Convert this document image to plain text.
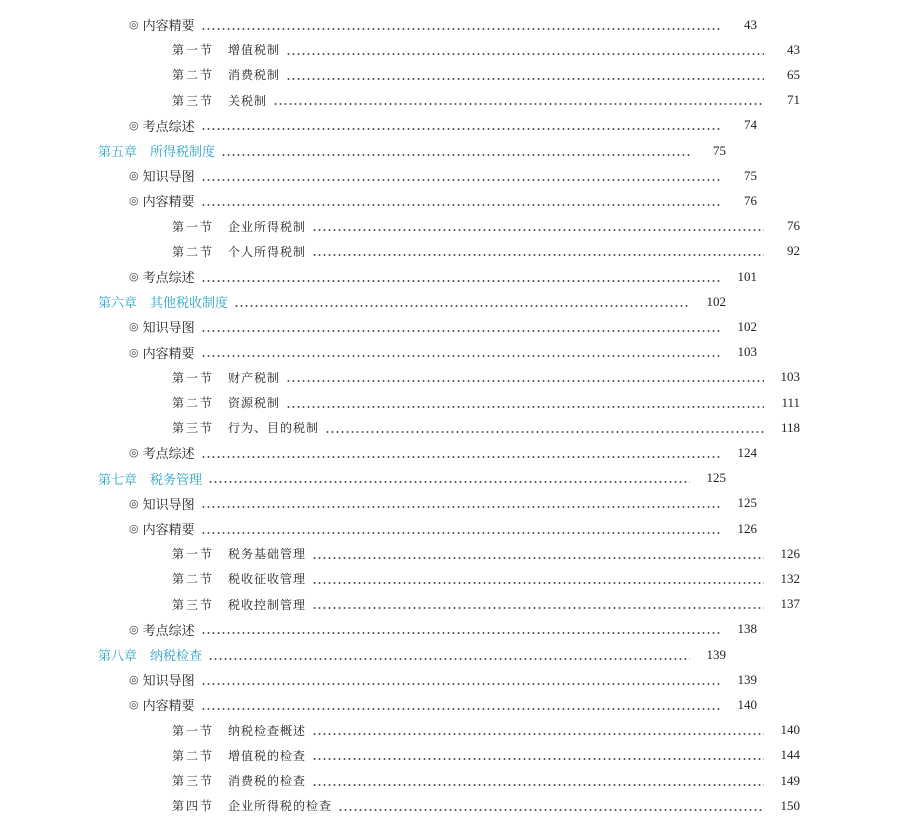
◎ 内容精要	43
第一节 增值税制	43
第二节 消费税制	65
第三节 关税制	71
◎ 考点综述	74
第五章　所得税制度	75
◎ 知识导图	75
◎ 内容精要	76
第一节 企业所得税制	76
第二节 个人所得税制	92
◎ 考点综述	101
第六章　其他税收制度	102
◎ 知识导图	102
◎ 内容精要	103
第一节 财产税制	103
第二节 资源税制	111
第三节 行为、目的税制	118
◎ 考点综述	124
第七章　税务管理	125
◎ 知识导图	125
◎ 内容精要	126
第一节 税务基础管理	126
第二节 税收征收管理	132
第三节 税收控制管理	137
◎ 考点综述	138
第八章　纳税检查	139
◎ 知识导图	139
◎ 内容精要	140
第一节 纳税检查概述	140
第二节 增值税的检查	144
第三节 消费税的检查	149
第四节 企业所得税的检查	150
